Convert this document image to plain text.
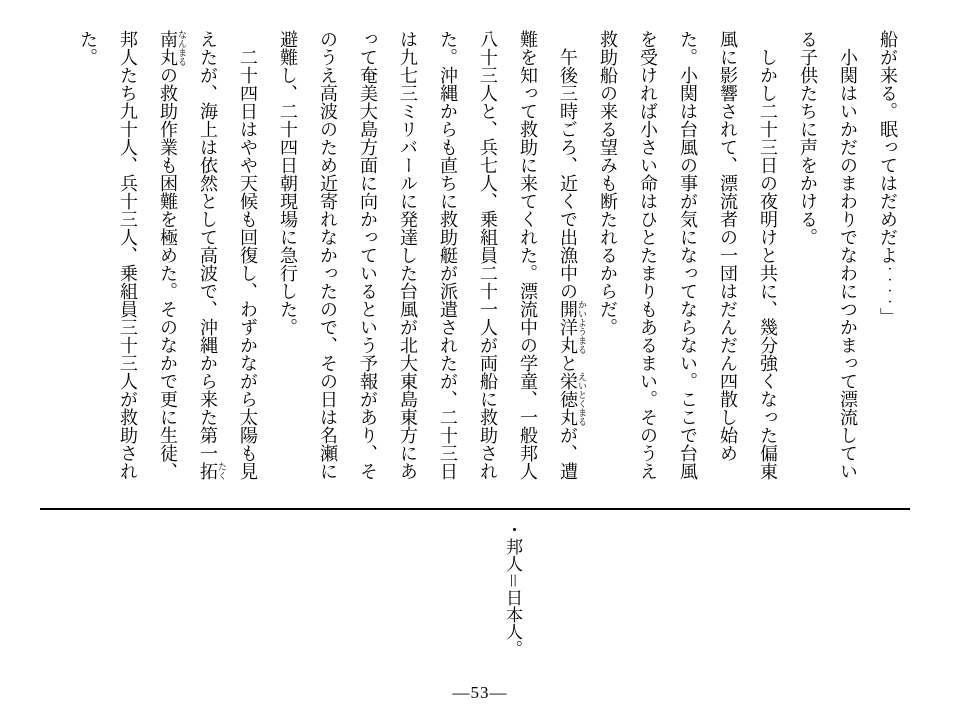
船が来る。眠ってはだめだよ・・・・」

小関はいかだのまわりでなわにつかまって漂流している子供たちに声をかける。

しかし二十三日の夜明けと共に、幾分強くなった偏東風に影響されて、漂流者の一団はだんだん四散し始めた。小関は台風の事が気になってならない。ここで台風を受ければ小さい命はひとたまりもあるまい。そのうえ救助船の来る望みも断たれるからだ。

午後三時ごろ、近くで出漁中の開洋丸 かいようまると栄徳丸 えいとくまるが、遭難を知って救助に来てくれた。漂流中の学童、一般邦人八十三人と、兵七人、乗組員二十一人が両船に救助された。沖縄からも直ちに救助艇が派遣されたが、二十三日は九七三ミリバールに発達した台風が北大東島東方にあって奄美大島方面に向かっているという予報があり、そのうえ高波のため近寄れなかったので、その日は名瀬に避難し、二十四日朝現場に急行した。

二十四日はやや天候も回復し、わずかながら太陽も見えたが、海上は依然として高波で、沖縄から来た第一拓 たく南丸 なんまるの救助作業も困難を極めた。そのなかで更に生徒、邦人たち九十人、兵十三人、乗組員三十三人が救助された。

・邦人＝日本人。
―53―
